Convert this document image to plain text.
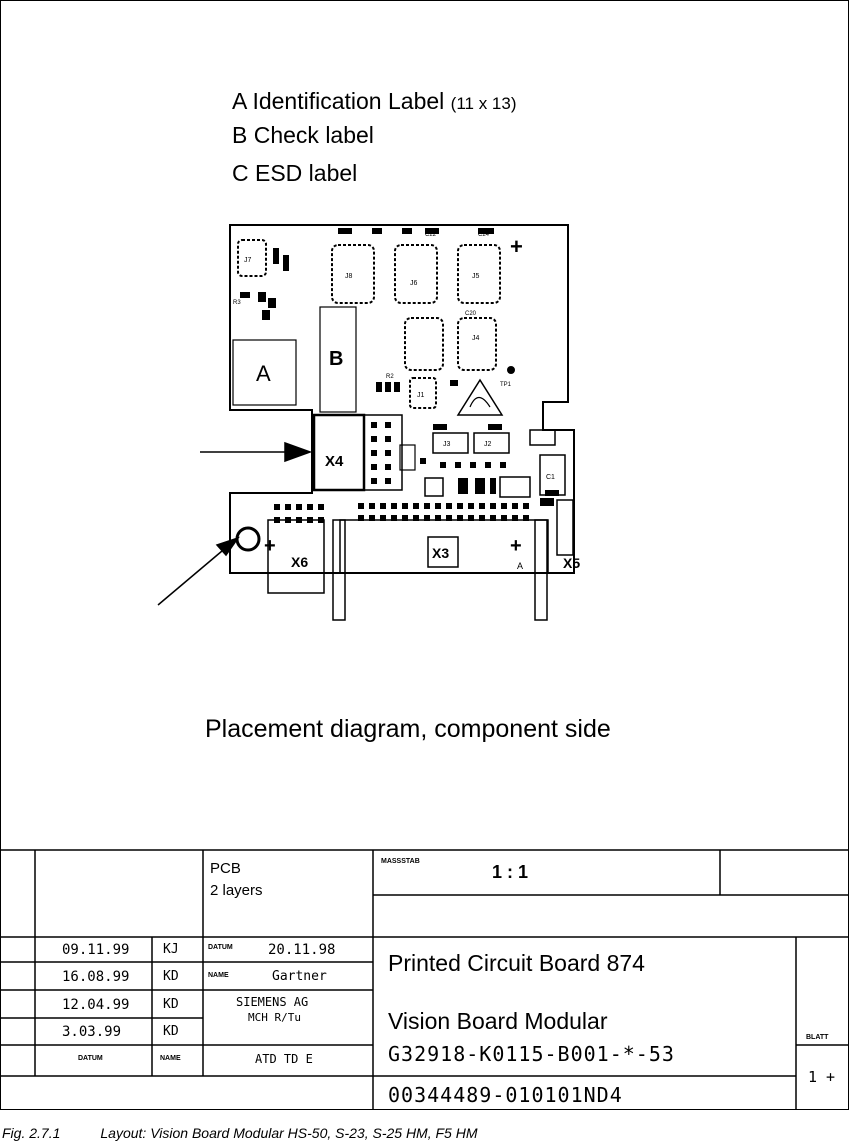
A Identification Label (11 x 13)
B Check label
C ESD label
A
B
X4
X6
X3
X5
+
+	+
A
J8
J6
J5
J4
J7
J1
J3	J2
C1
C20
C22	C24
R3
R2
TP1
Placement diagram, component side
PCB
2 layers
MASSSTAB
1 : 1
09.11.99	KJ
16.08.99	KD
12.04.99	KD
3.03.99	KD
DATUM	NAME
DATUM	20.11.98
NAME	Gartner
SIEMENS AG
MCH R/Tu
ATD TD E
Printed Circuit Board 874
Vision Board Modular
G32918-K0115-B001-*-53
00344489-010101ND4
BLATT
1 +
Fig. 2.7.1	Layout: Vision Board Modular HS-50, S-23, S-25 HM, F5 HM
